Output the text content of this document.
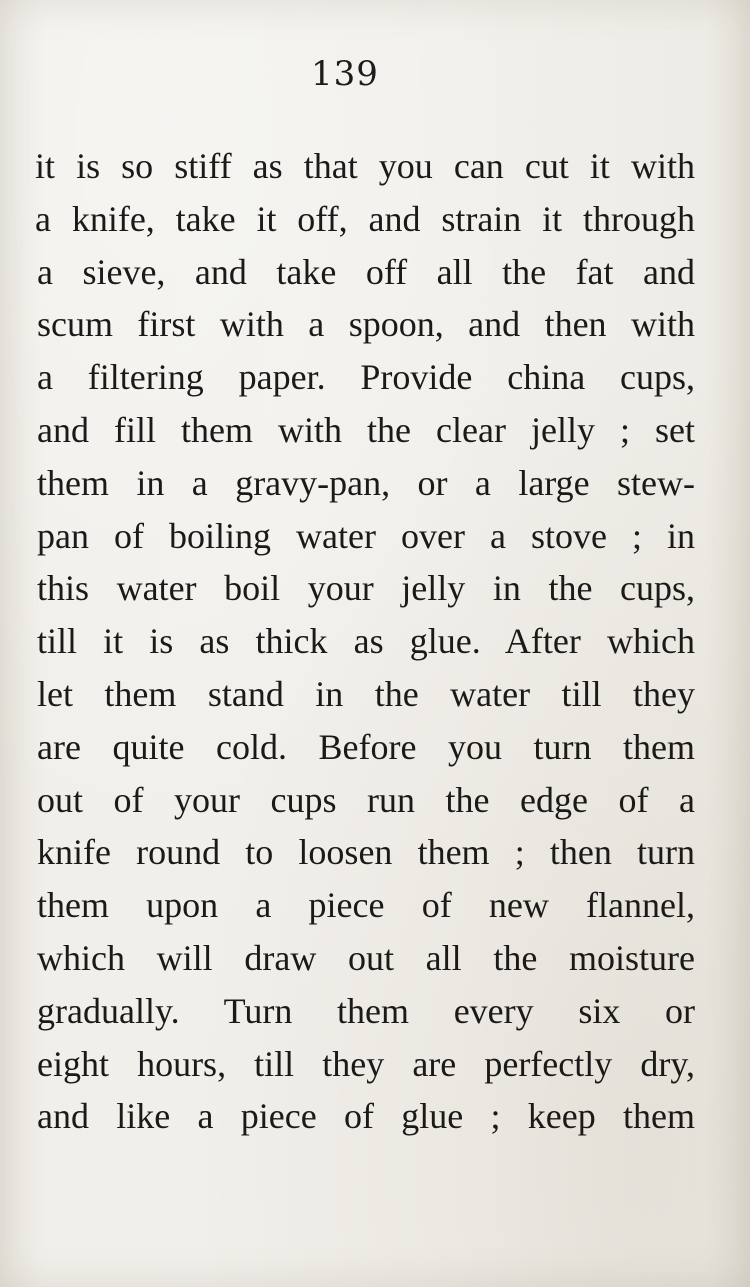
139
it is so stiff as that you can cut it with
a knife, take it off, and strain it through
a sieve, and take off all the fat and
scum first with a spoon, and then with
a filtering paper. Provide china cups,
and fill them with the clear jelly ; set
them in a gravy-pan, or a large stew-
pan of boiling water over a stove ; in
this water boil your jelly in the cups,
till it is as thick as glue. After which
let them stand in the water till they
are quite cold. Before you turn them
out of your cups run the edge of a
knife round to loosen them ; then turn
them upon a piece of new flannel,
which will draw out all the moisture
gradually. Turn them every six or
eight hours, till they are perfectly dry,
and like a piece of glue ; keep them
